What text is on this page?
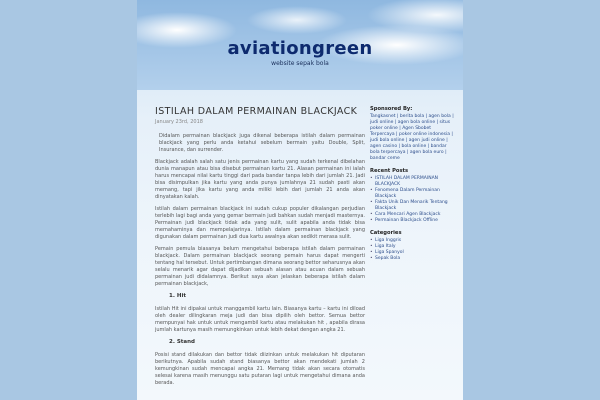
aviationgreen
website sepak bola
ISTILAH DALAM PERMAINAN BLACKJACK
January 23rd, 2018

Didalam permainan blackjack juga dikenal beberapa istilah dalam permainan blackjack yang perlu anda ketahui sebelum bermain yaitu Double, Split, Insurance, dan surrender.

Blackjack adalah salah satu jenis permainan kartu yang sudah terkenal dibelahan dunia manapun atau bisa disebut permainan kartu 21. Alasan permainan ini ialah harus mencapai nilai kartu tinggi dari pada bandar tanpa lebih dari jumlah 21. Jadi bisa disimpulkan jika kartu yang anda punya jumlahnya 21 sudah pasti akan memang, tapi jika kartu yang anda miliki lebih dari jumlah 21 anda akan dinyatakan kalah.

Istilah dalam permainan blackjack ini sudah cukup populer dikalangan perjudian terlebih lagi bagi anda yang gemar bermain judi bahkan sudah menjadi masternya. Permainan judi blackjack tidak ada yang sulit, sulit apabila anda tidak bisa memahaminya dan mempelajarinya. Istilah dalam permainan blackjack yang digunakan dalam permainan judi dua kartu awalnya akan sedikit merasa sulit.

Pemain pemula biasanya belum mengetahui beberapa istilah dalam permainan blackjack. Dalam permainan blackjack seorang pemain harus dapat mengerti tentang hal tersebut. Untuk pertimbangan dimana seorang bettor seharusnya akan selalu menarik agar dapat dijadikan sebuah alasan atau acuan dalam sebuah permainan judi didalamnya. Berikut saya akan jelaskan beberapa istilah dalam permainan blackjack,

1. Hit

Istilah Hit ini dipakai untuk manggambil kartu lain. Biasanya kartu – kartu ini diload oleh dealer dilingkaran meja judi dan bisa dipilih oleh bettor. Semua bettor mempunyai hak untuk untuk mengambil kartu atau melakukan hit , apabila dirasa jumlah kartunya masih memungkinkan untuk lebih dekat dengan angka 21.

2. Stand

Posisi stand dilakukan dan bettor tidak diizinkan untuk melakukan hit diputaran berikutnya. Apabila sudah stand biasanya bettor akan mendekati jumlah 2 kemungkinan sudah mencapai angka 21. Memang tidak akan secara otomatis selesai karena masih menunggu satu putaran lagi untuk mengetahui dimana anda berada.

Sponsored By:
Tangkasnet | berita bola | agen bola | judi online | agen bola online | situs poker online | Agen Sbobet Terpercaya | poker online indonesia | judi bola online | agen judi online | agen casino | bola online | bandar bola terpercaya | agen bola euro | bandar ceme
Recent Posts
• ISTILAH DALAM PERMAINAN BLACKJACK
• Fenomena Dalam Permainan Blackjack
• Fakta Unik Dan Menarik Tentang Blackjack
• Cara Mencari Agen Blackjack
• Permainan Blackjack Offline
Categories
• Liga Inggris
• Liga Italy
• Liga Spanyol
• Sepak Bola
